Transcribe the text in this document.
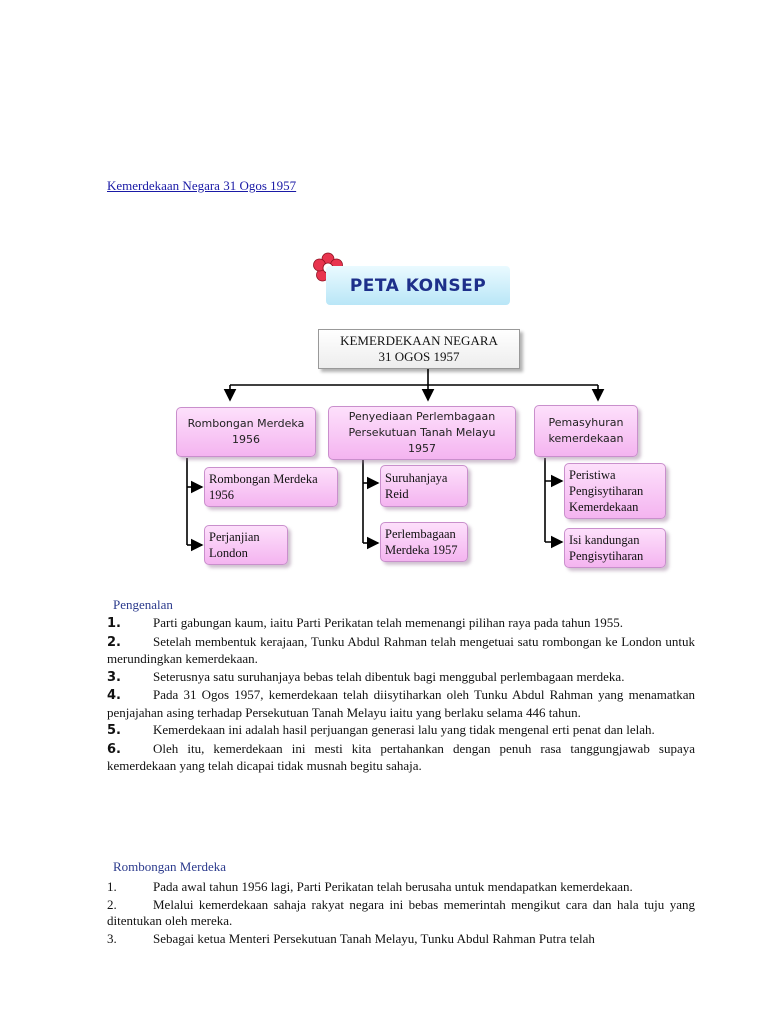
Kemerdekaan Negara 31 Ogos 1957
PETA KONSEP
KEMERDEKAAN NEGARA
31 OGOS 1957
Rombongan Merdeka
1956
Penyediaan Perlembagaan
Persekutuan Tanah Melayu
1957
Pemasyhuran
kemerdekaan
Rombongan Merdeka
1956
Perjanjian
London
Suruhanjaya
Reid
Perlembagaan
Merdeka 1957
Peristiwa
Pengisytiharan
Kemerdekaan
Isi kandungan
Pengisytiharan
Pengenalan

1. Parti gabungan kaum, iaitu Parti Perikatan telah memenangi pilihan raya pada tahun 1955.

2. Setelah membentuk kerajaan, Tunku Abdul Rahman telah mengetuai satu rombongan ke London untuk merundingkan kemerdekaan.

3. Seterusnya satu suruhanjaya bebas telah dibentuk bagi menggubal perlembagaan merdeka.

4. Pada 31 Ogos 1957, kemerdekaan telah diisytiharkan oleh Tunku Abdul Rahman yang menamatkan penjajahan asing terhadap Persekutuan Tanah Melayu iaitu yang berlaku selama 446 tahun.

5. Kemerdekaan ini adalah hasil perjuangan generasi lalu yang tidak mengenal erti penat dan lelah.

6. Oleh itu, kemerdekaan ini mesti kita pertahankan dengan penuh rasa tanggungjawab supaya kemerdekaan yang telah dicapai tidak musnah begitu sahaja.

Rombongan Merdeka

1.	Pada awal tahun 1956 lagi, Parti Perikatan telah berusaha untuk mendapatkan kemerdekaan.

2.	Melalui kemerdekaan sahaja rakyat negara ini bebas memerintah mengikut cara dan hala tuju yang ditentukan oleh mereka.

3.	Sebagai ketua Menteri Persekutuan Tanah Melayu, Tunku Abdul Rahman Putra telah
